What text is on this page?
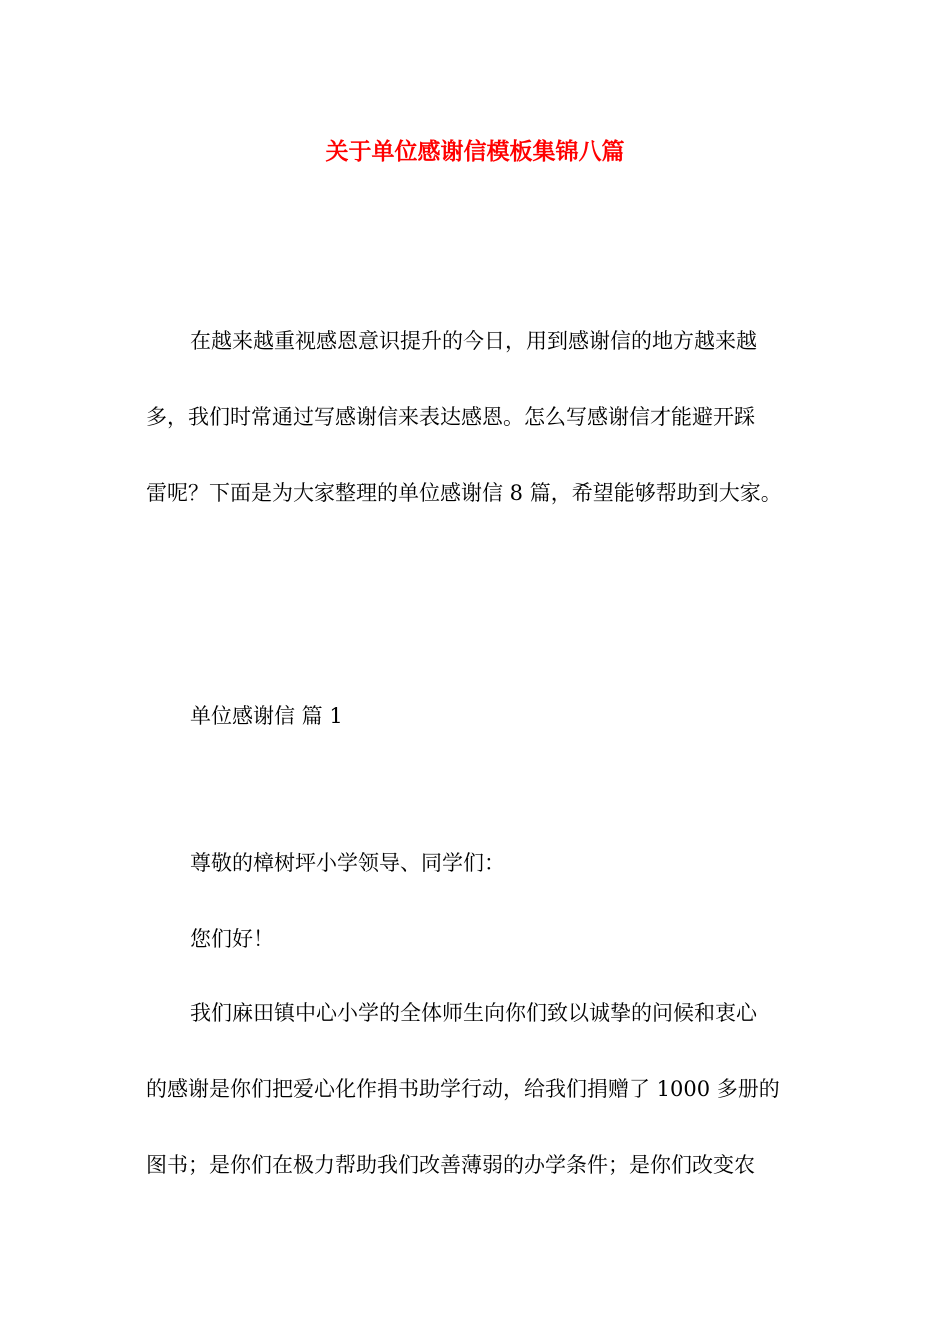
关于单位感谢信模板集锦八篇
在越来越重视感恩意识提升的今日，用到感谢信的地方越来越
多，我们时常通过写感谢信来表达感恩。怎么写感谢信才能避开踩
雷呢？下面是为大家整理的单位感谢信 8 篇，希望能够帮助到大家。
单位感谢信 篇 1
尊敬的樟树坪小学领导、同学们：
您们好！
我们麻田镇中心小学的全体师生向你们致以诚挚的问候和衷心
的感谢是你们把爱心化作捐书助学行动，给我们捐赠了 1000 多册的
图书；是你们在极力帮助我们改善薄弱的办学条件；是你们改变农
